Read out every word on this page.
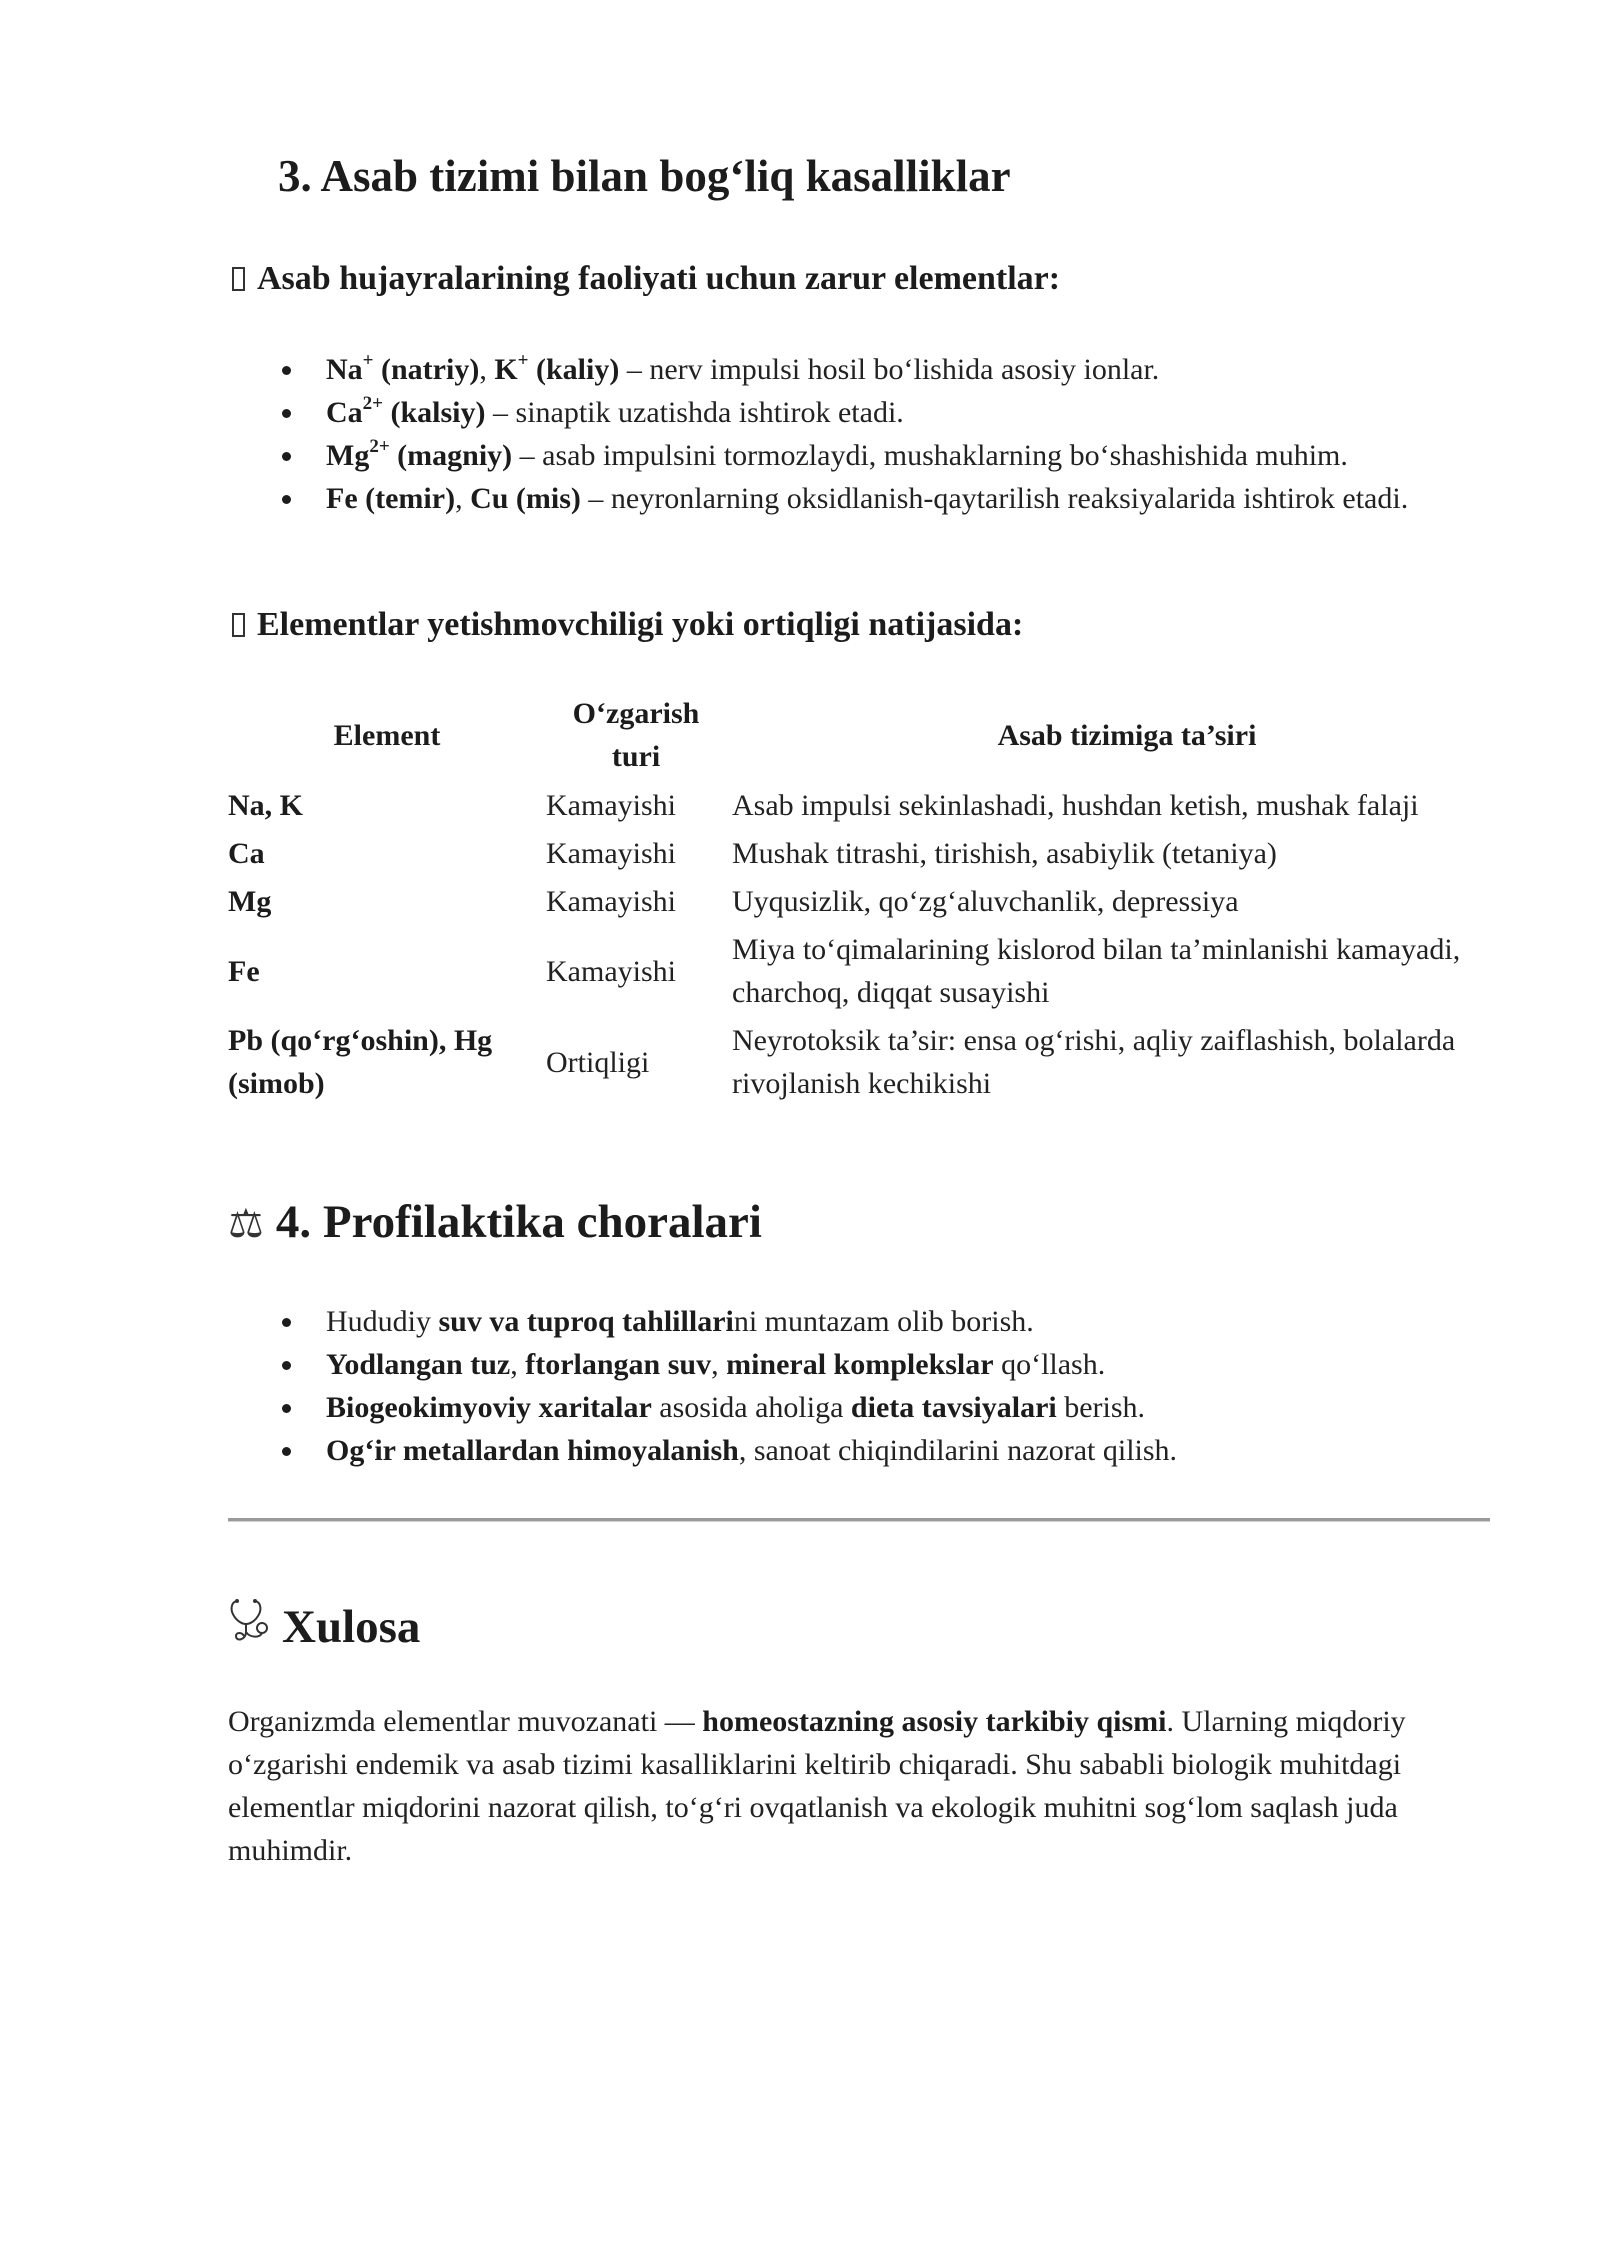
3. Asab tizimi bilan bog‘liq kasalliklar
Asab hujayralarining faoliyati uchun zarur elementlar:
Na+ (natriy), K+ (kaliy) – nerv impulsi hosil bo‘lishida asosiy ionlar.
$Ca^{2+}$ (kalsiy) – sinaptik uzatishda ishtirok etadi.
$Mg^{2+}$ (magniy) – asab impulsini tormozlaydi, mushaklarning bo‘shashishida muhim.
Fe (temir), Cu (mis) – neyronlarning oksidlanish-qaytarilish reaksiyalarida ishtirok etadi.
Elementlar yetishmovchiligi yoki ortiqligi natijasida:
Element	O‘zgarish turi	Asab tizimiga ta’siri
Na, K	Kamayishi	Asab impulsi sekinlashadi, hushdan ketish, mushak falaji
Ca	Kamayishi	Mushak titrashi, tirishish, asabiylik (tetaniya)
Mg	Kamayishi	Uyqusizlik, qo‘zg‘aluvchanlik, depressiya
Fe	Kamayishi	Miya to‘qimalarining kislorod bilan ta’minlanishi kamayadi, charchoq, diqqat susayishi
Pb (qo‘rg‘oshin), Hg (simob)	Ortiqligi	Neyrotoksik ta’sir: ensa og‘rishi, aqliy zaiflashish, bolalarda rivojlanish kechikishi
⚖ 4. Profilaktika choralari
Hududiy suv va tuproq tahlillarini muntazam olib borish.
Yodlangan tuz, ftorlangan suv, mineral komplekslar qo‘llash.
Biogeokimyoviy xaritalar asosida aholiga dieta tavsiyalari berish.
Og‘ir metallardan himoyalanish, sanoat chiqindilarini nazorat qilish.
Xulosa

Organizmda elementlar muvozanati — homeostazning asosiy tarkibiy qismi. Ularning miqdoriy o‘zgarishi endemik va asab tizimi kasalliklarini keltirib chiqaradi. Shu sababli biologik muhitdagi elementlar miqdorini nazorat qilish, to‘g‘ri ovqatlanish va ekologik muhitni sog‘lom saqlash juda muhimdir.
